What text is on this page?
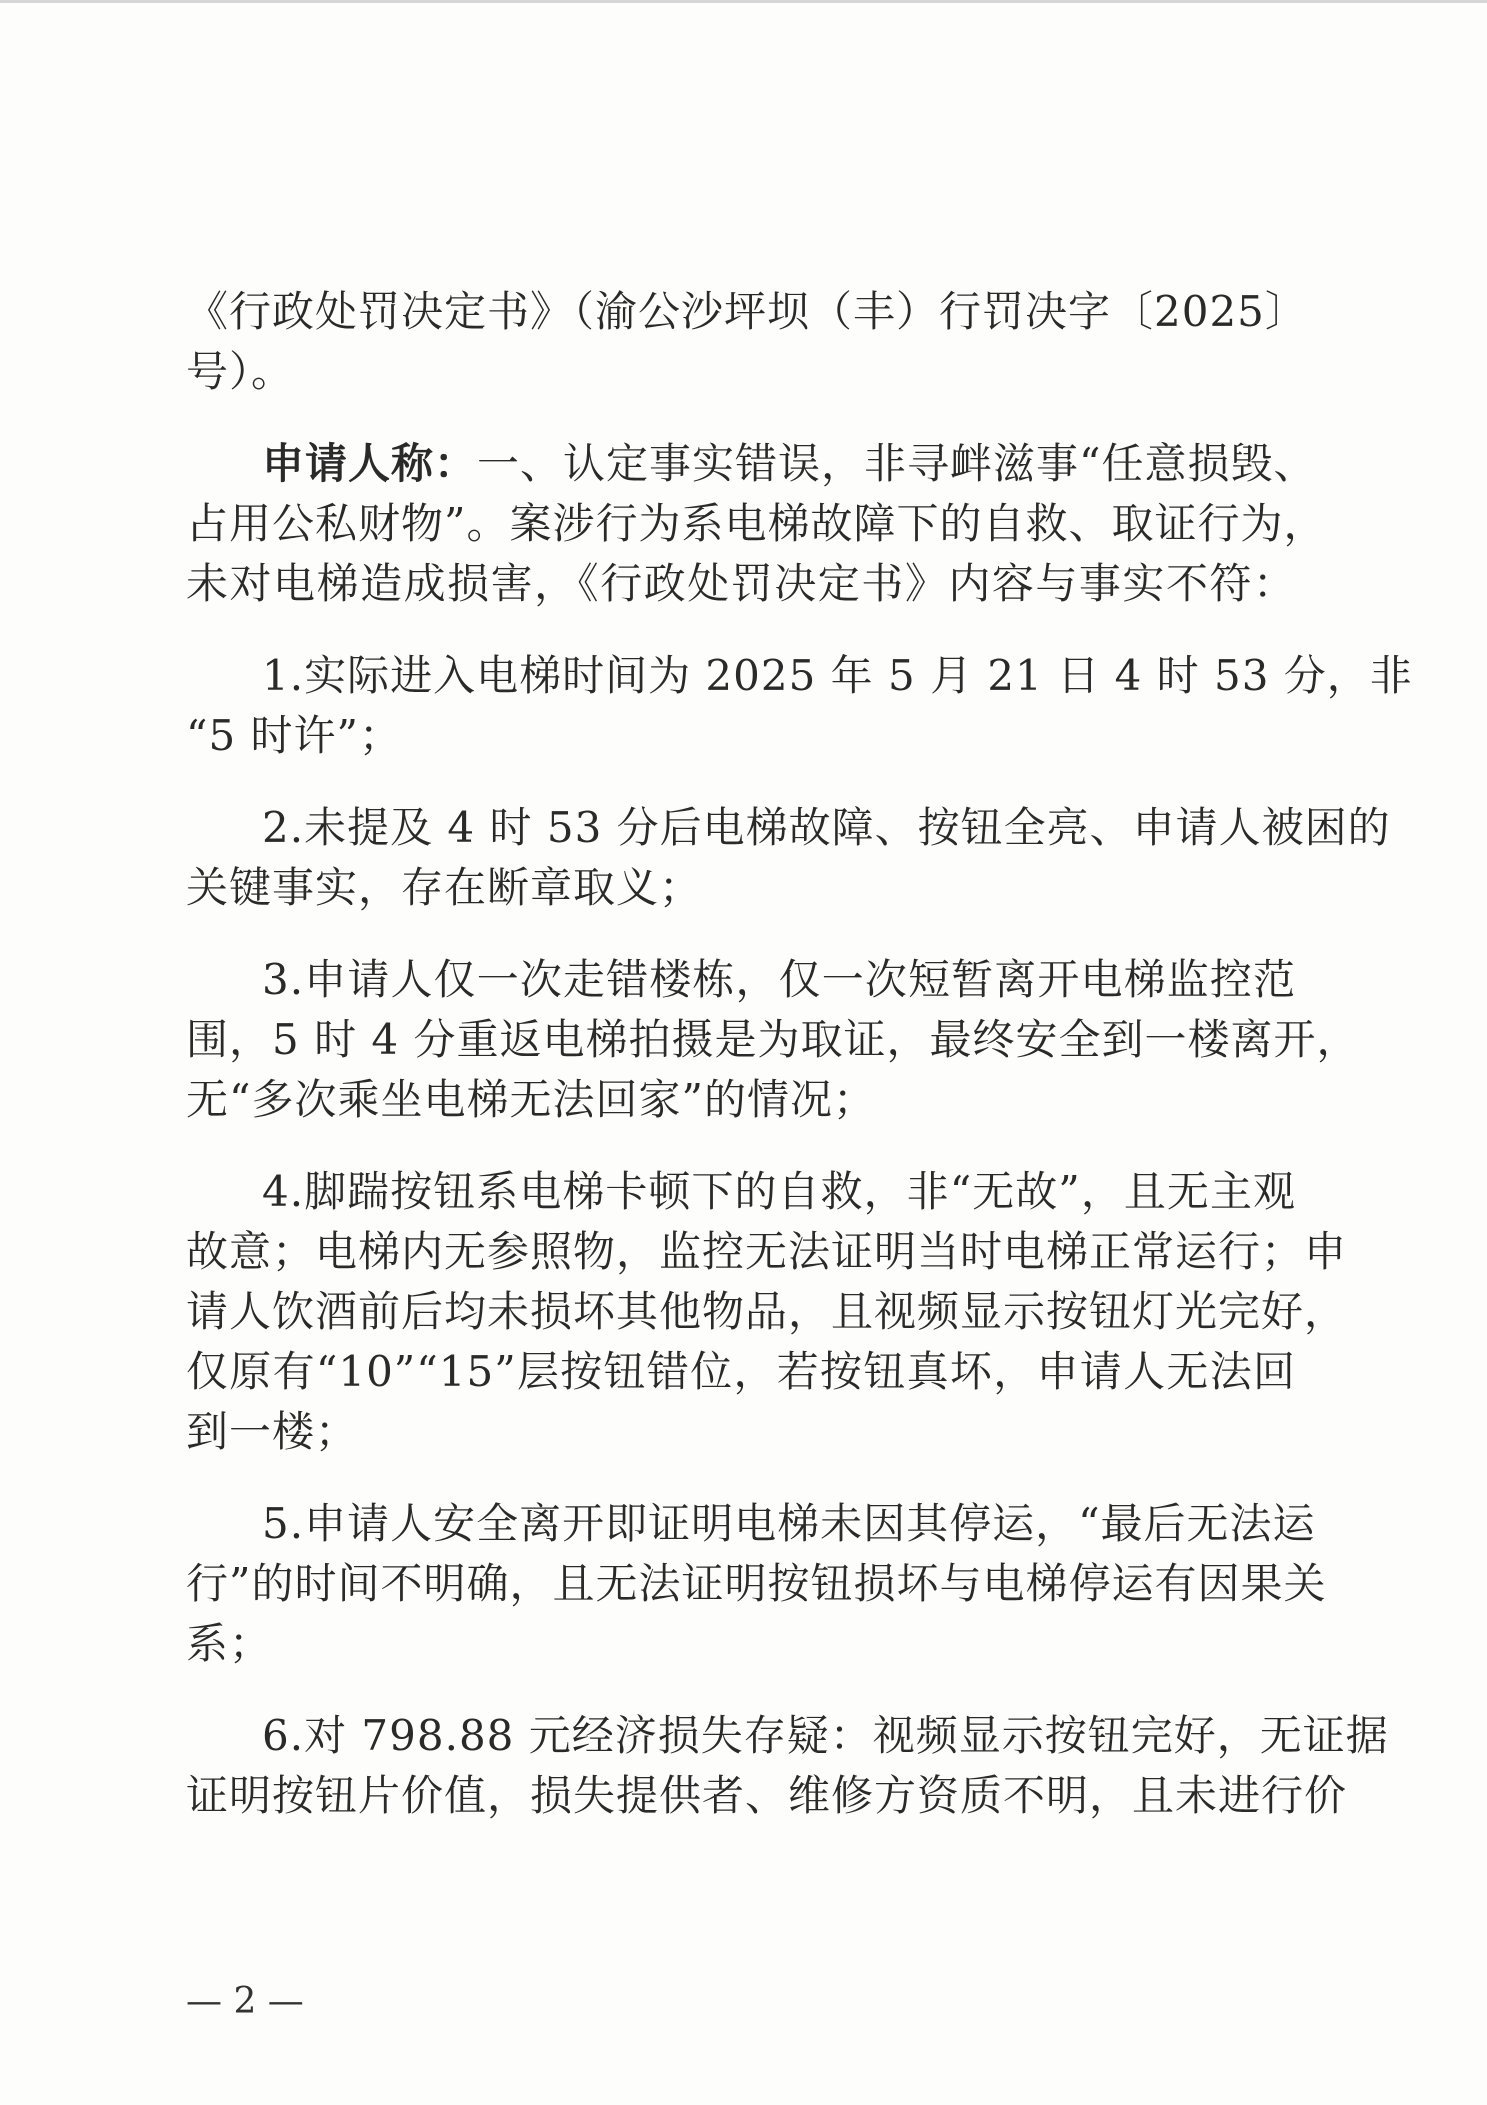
《行政处罚决定书》（渝公沙坪坝（丰）行罚决字〔2025〕
号）。
申请人称：一、认定事实错误，非寻衅滋事“任意损毁、
占用公私财物”。案涉行为系电梯故障下的自救、取证行为，
未对电梯造成损害，《行政处罚决定书》内容与事实不符：
1.实际进入电梯时间为 2025 年 5 月 21 日 4 时 53 分，非
“5 时许”；
2.未提及 4 时 53 分后电梯故障、按钮全亮、申请人被困的
关键事实，存在断章取义；
3.申请人仅一次走错楼栋，仅一次短暂离开电梯监控范
围，5 时 4 分重返电梯拍摄是为取证，最终安全到一楼离开，
无“多次乘坐电梯无法回家”的情况；
4.脚踹按钮系电梯卡顿下的自救，非“无故”，且无主观
故意；电梯内无参照物，监控无法证明当时电梯正常运行；申
请人饮酒前后均未损坏其他物品，且视频显示按钮灯光完好，
仅原有“10”“15”层按钮错位，若按钮真坏，申请人无法回
到一楼；
5.申请人安全离开即证明电梯未因其停运，“最后无法运
行”的时间不明确，且无法证明按钮损坏与电梯停运有因果关
系；
6.对 798.88 元经济损失存疑：视频显示按钮完好，无证据
证明按钮片价值，损失提供者、维修方资质不明，且未进行价
— 2 —
